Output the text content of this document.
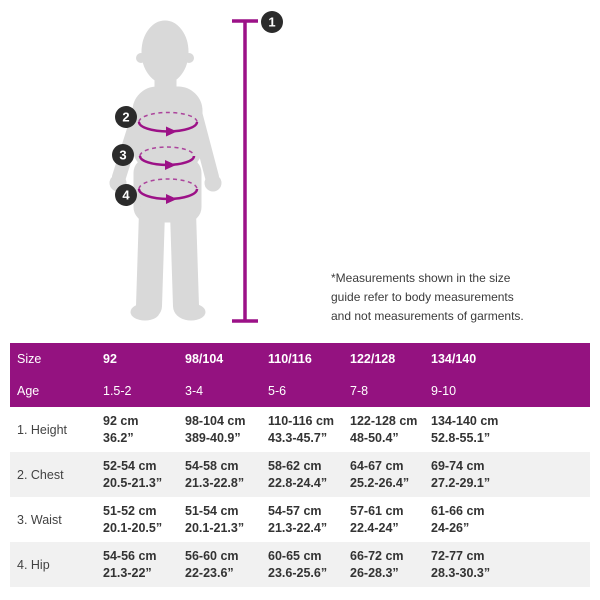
1
2
3
4
*Measurements shown in the size
guide refer to body measurements
and not measurements of garments.
Size	92	98/104	110/116	122/128	134/140
Age	1.5-2	3-4	5-6	7-8	9-10
1. Height	
92 cm
36.2”

98-104 cm
389-40.9”

110-116 cm
43.3-45.7”

122-128 cm
48-50.4”

134-140 cm
52.8-55.1”

2. Chest	
52-54 cm
20.5-21.3”

54-58 cm
21.3-22.8”

58-62 cm
22.8-24.4”

64-67 cm
25.2-26.4”

69-74 cm
27.2-29.1”

3. Waist	
51-52 cm
20.1-20.5”

51-54 cm
20.1-21.3”

54-57 cm
21.3-22.4”

57-61 cm
22.4-24”

61-66 cm
24-26”

4. Hip	
54-56 cm
21.3-22”

56-60 cm
22-23.6”

60-65 cm
23.6-25.6”

66-72 cm
26-28.3”

72-77 cm
28.3-30.3”
